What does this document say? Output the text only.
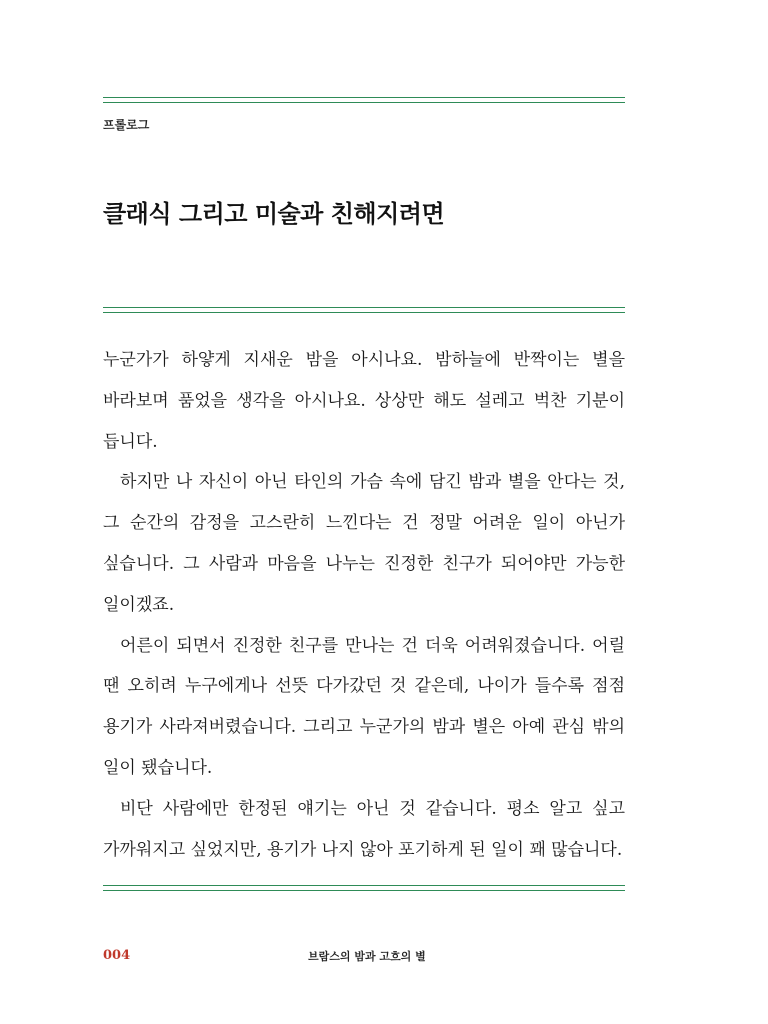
프롤로그
클래식 그리고 미술과 친해지려면

누군가가 하얗게 지새운 밤을 아시나요. 밤하늘에 반짝이는 별을 바라보며 품었을 생각을 아시나요. 상상만 해도 설레고 벅찬 기분이 듭니다.

하지만 나 자신이 아닌 타인의 가슴 속에 담긴 밤과 별을 안다는 것, 그 순간의 감정을 고스란히 느낀다는 건 정말 어려운 일이 아닌가 싶습니다. 그 사람과 마음을 나누는 진정한 친구가 되어야만 가능한 일이겠죠.

어른이 되면서 진정한 친구를 만나는 건 더욱 어려워졌습니다. 어릴 땐 오히려 누구에게나 선뜻 다가갔던 것 같은데, 나이가 들수록 점점 용기가 사라져버렸습니다. 그리고 누군가의 밤과 별은 아예 관심 밖의 일이 됐습니다.

비단 사람에만 한정된 얘기는 아닌 것 같습니다. 평소 알고 싶고 가까워지고 싶었지만, 용기가 나지 않아 포기하게 된 일이 꽤 많습니다.

004	브람스의 밤과 고흐의 별
